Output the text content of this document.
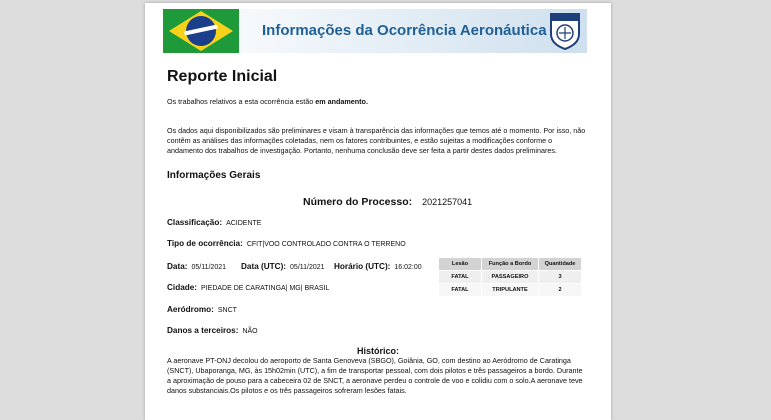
Informações da Ocorrência Aeronáutica
Reporte Inicial
Os trabalhos relativos a esta ocorrência estão em andamento.
Os dados aqui disponibilizados são preliminares e visam à transparência das informações que temos até o momento. Por isso, não contêm as análises das informações coletadas, nem os fatores contribuintes, e estão sujeitas a modificações conforme o andamento dos trabalhos de investigação. Portanto, nenhuma conclusão deve ser feita a partir destes dados preliminares.
Informações Gerais
Número do Processo: 2021257041
Classificação: ACIDENTE
Tipo de ocorrência: CFIT|VOO CONTROLADO CONTRA O TERRENO
Data: 05/11/2021 Data (UTC): 05/11/2021 Horário (UTC): 16:02:00
Cidade: PIEDADE DE CARATINGA| MG| BRASIL
Aeródromo: SNCT
Danos a terceiros: NÃO
Lesão	Função a Bordo	Quantidade
FATAL	PASSAGEIRO	3
FATAL	TRIPULANTE	2
Histórico:
A aeronave PT-ONJ decolou do aeroporto de Santa Genoveva (SBGO), Goiânia, GO, com destino ao Aeródromo de Caratinga (SNCT), Ubaporanga, MG, às 15h02min (UTC), a fim de transportar pessoal, com dois pilotos e três passageiros a bordo. Durante a aproximação de pouso para a cabeceira 02 de SNCT, a aeronave perdeu o controle de voo e colidiu com o solo.A aeronave teve danos substanciais.Os pilotos e os três passageiros sofreram lesões fatais.
